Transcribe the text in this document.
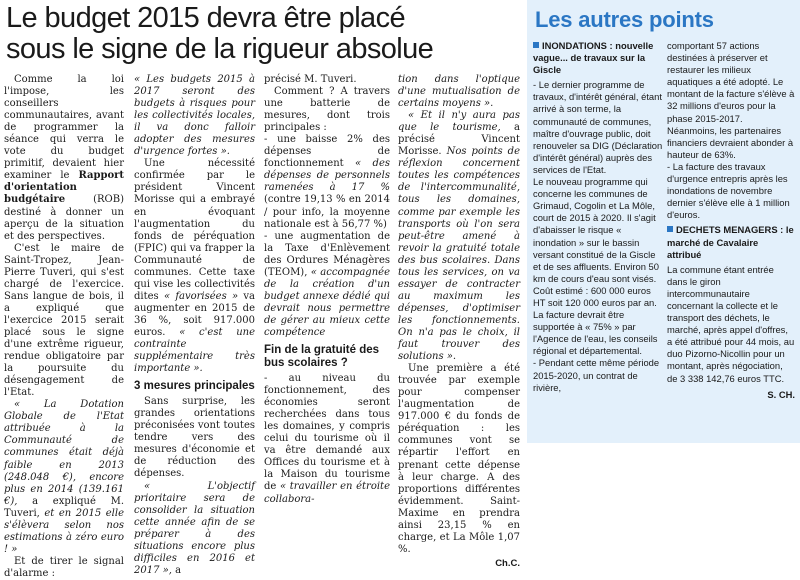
Le budget 2015 devra être placé
sous le signe de la rigueur absolue

Comme la loi l'impose, les conseillers communautaires, avant de programmer la séance qui verra le vote du budget primitif, devaient hier examiner le Rapport d'orientation budgétaire	(ROB) destiné à donner un aperçu de la situation et des perspectives.

C'est le maire de Saint-Tropez, Jean-Pierre Tuveri, qui s'est chargé de l'exercice. Sans langue de bois, il a expliqué que l'exercice 2015 serait placé sous le signe d'une extrême rigueur, rendue obligatoire par la poursuite du désengagement de l'Etat.

« La Dotation Globale de l'Etat attribuée à la Communauté de communes était déjà faible en 2013 (248.048 €), encore plus en 2014 (139.161 €), a expliqué M. Tuveri, et en 2015 elle s'élèvera selon nos estimations à zéro euro ! »

Et de tirer le signal d'alarme :

« Les budgets 2015 à 2017 seront des budgets à risques pour les collectivités locales, il va donc falloir adopter des mesures d'urgence fortes ».

Une nécessité confirmée par le président Vincent Morisse qui a embrayé en évoquant l'augmentation du fonds de péréquation (FPIC) qui va frapper la Communauté de communes. Cette taxe qui vise les collectivités dites « favorisées » va augmenter en 2015 de 36 %, soit 917.000 euros. « c'est une contrainte supplémentaire très importante ».

3 mesures principales

Sans surprise, les grandes orientations préconisées vont toutes tendre vers des mesures d'économie et de réduction des dépenses.

« L'objectif prioritaire sera de consolider la situation cette année afin de se préparer à des situations encore plus difficiles en 2016 et 2017 », a

précisé M. Tuveri.

Comment ? A travers une batterie de mesures, dont trois principales :

- une baisse 2% des dépenses de fonctionnement « des dépenses de personnels ramenées à 17 % (contre 19,13 % en 2014 / pour info, la moyenne nationale est à 56,77 %)

- une augmentation de la Taxe d'Enlèvement des Ordures Ménagères (TEOM), « accompagnée de la création d'un budget annexe dédié qui devrait nous permettre de gérer au mieux cette compétence

Fin de la gratuité des bus scolaires ?

- au niveau du fonctionnement, des économies seront recherchées dans tous les domaines, y compris celui du tourisme où il va être demandé aux Offices du tourisme et à la Maison du tourisme de « travailler en étroite collabora-

tion dans l'optique d'une mutualisation de certains moyens ».

« Et il n'y aura pas que le tourisme, a précisé Vincent Morisse. Nos points de réflexion concernent toutes les compétences de l'intercommunalité, tous les domaines, comme par exemple les transports où l'on sera peut-être amené à revoir la gratuité totale des bus scolaires. Dans tous les services, on va essayer de contracter au maximum les dépenses, d'optimiser les fonctionnements. On n'a pas le choix, il faut trouver des solutions ».

Une première a été trouvée par exemple pour compenser l'augmentation de 917.000 € du fonds de péréquation : les communes vont se répartir l'effort en prenant cette dépense à leur charge. A des proportions différentes évidemment. Saint-Maxime en prendra ainsi 23,15 % en charge, et La Môle 1,07 %.

Ch.C.
Les autres points

INONDATIONS : nouvelle vague... de travaux sur la Giscle

- Le dernier programme de travaux, d'intérêt général, étant arrivé à son terme, la communauté de communes, maître d'ouvrage public, doit renouveler sa DIG (Déclaration d'intérêt général) auprès des services de l'Etat.

Le nouveau programme qui concerne les communes de Grimaud, Cogolin et La Môle, court de 2015 à 2020. Il s'agit d'abaisser le risque « inondation » sur le bassin versant constitué de la Giscle et de ses affluents. Environ 50 km de cours d'eau sont visés.

Coût estimé : 600 000 euros HT soit 120 000 euros par an. La facture devrait être supportée à « 75% » par l'Agence de l'eau, les conseils régional et départemental.

- Pendant cette même période 2015-2020, un contrat de rivière,

comportant 57 actions destinées à préserver et restaurer les milieux aquatiques a été adopté. Le montant de la facture s'élève à 32 millions d'euros pour la phase 2015-2017. Néanmoins, les partenaires financiers devraient abonder à hauteur de 63%.

- La facture des travaux d'urgence entrepris après les inondations de novembre dernier s'élève elle à 1 million d'euros.

DECHETS MENAGERS : le marché de Cavalaire attribué

La commune étant entrée dans le giron intercommunautaire concernant la collecte et le transport des déchets, le marché, après appel d'offres, a été attribué pour 44 mois, au duo Pizorno-Nicollin pour un montant, après négociation, de 3 338 142,76 euros TTC.

S. CH.
